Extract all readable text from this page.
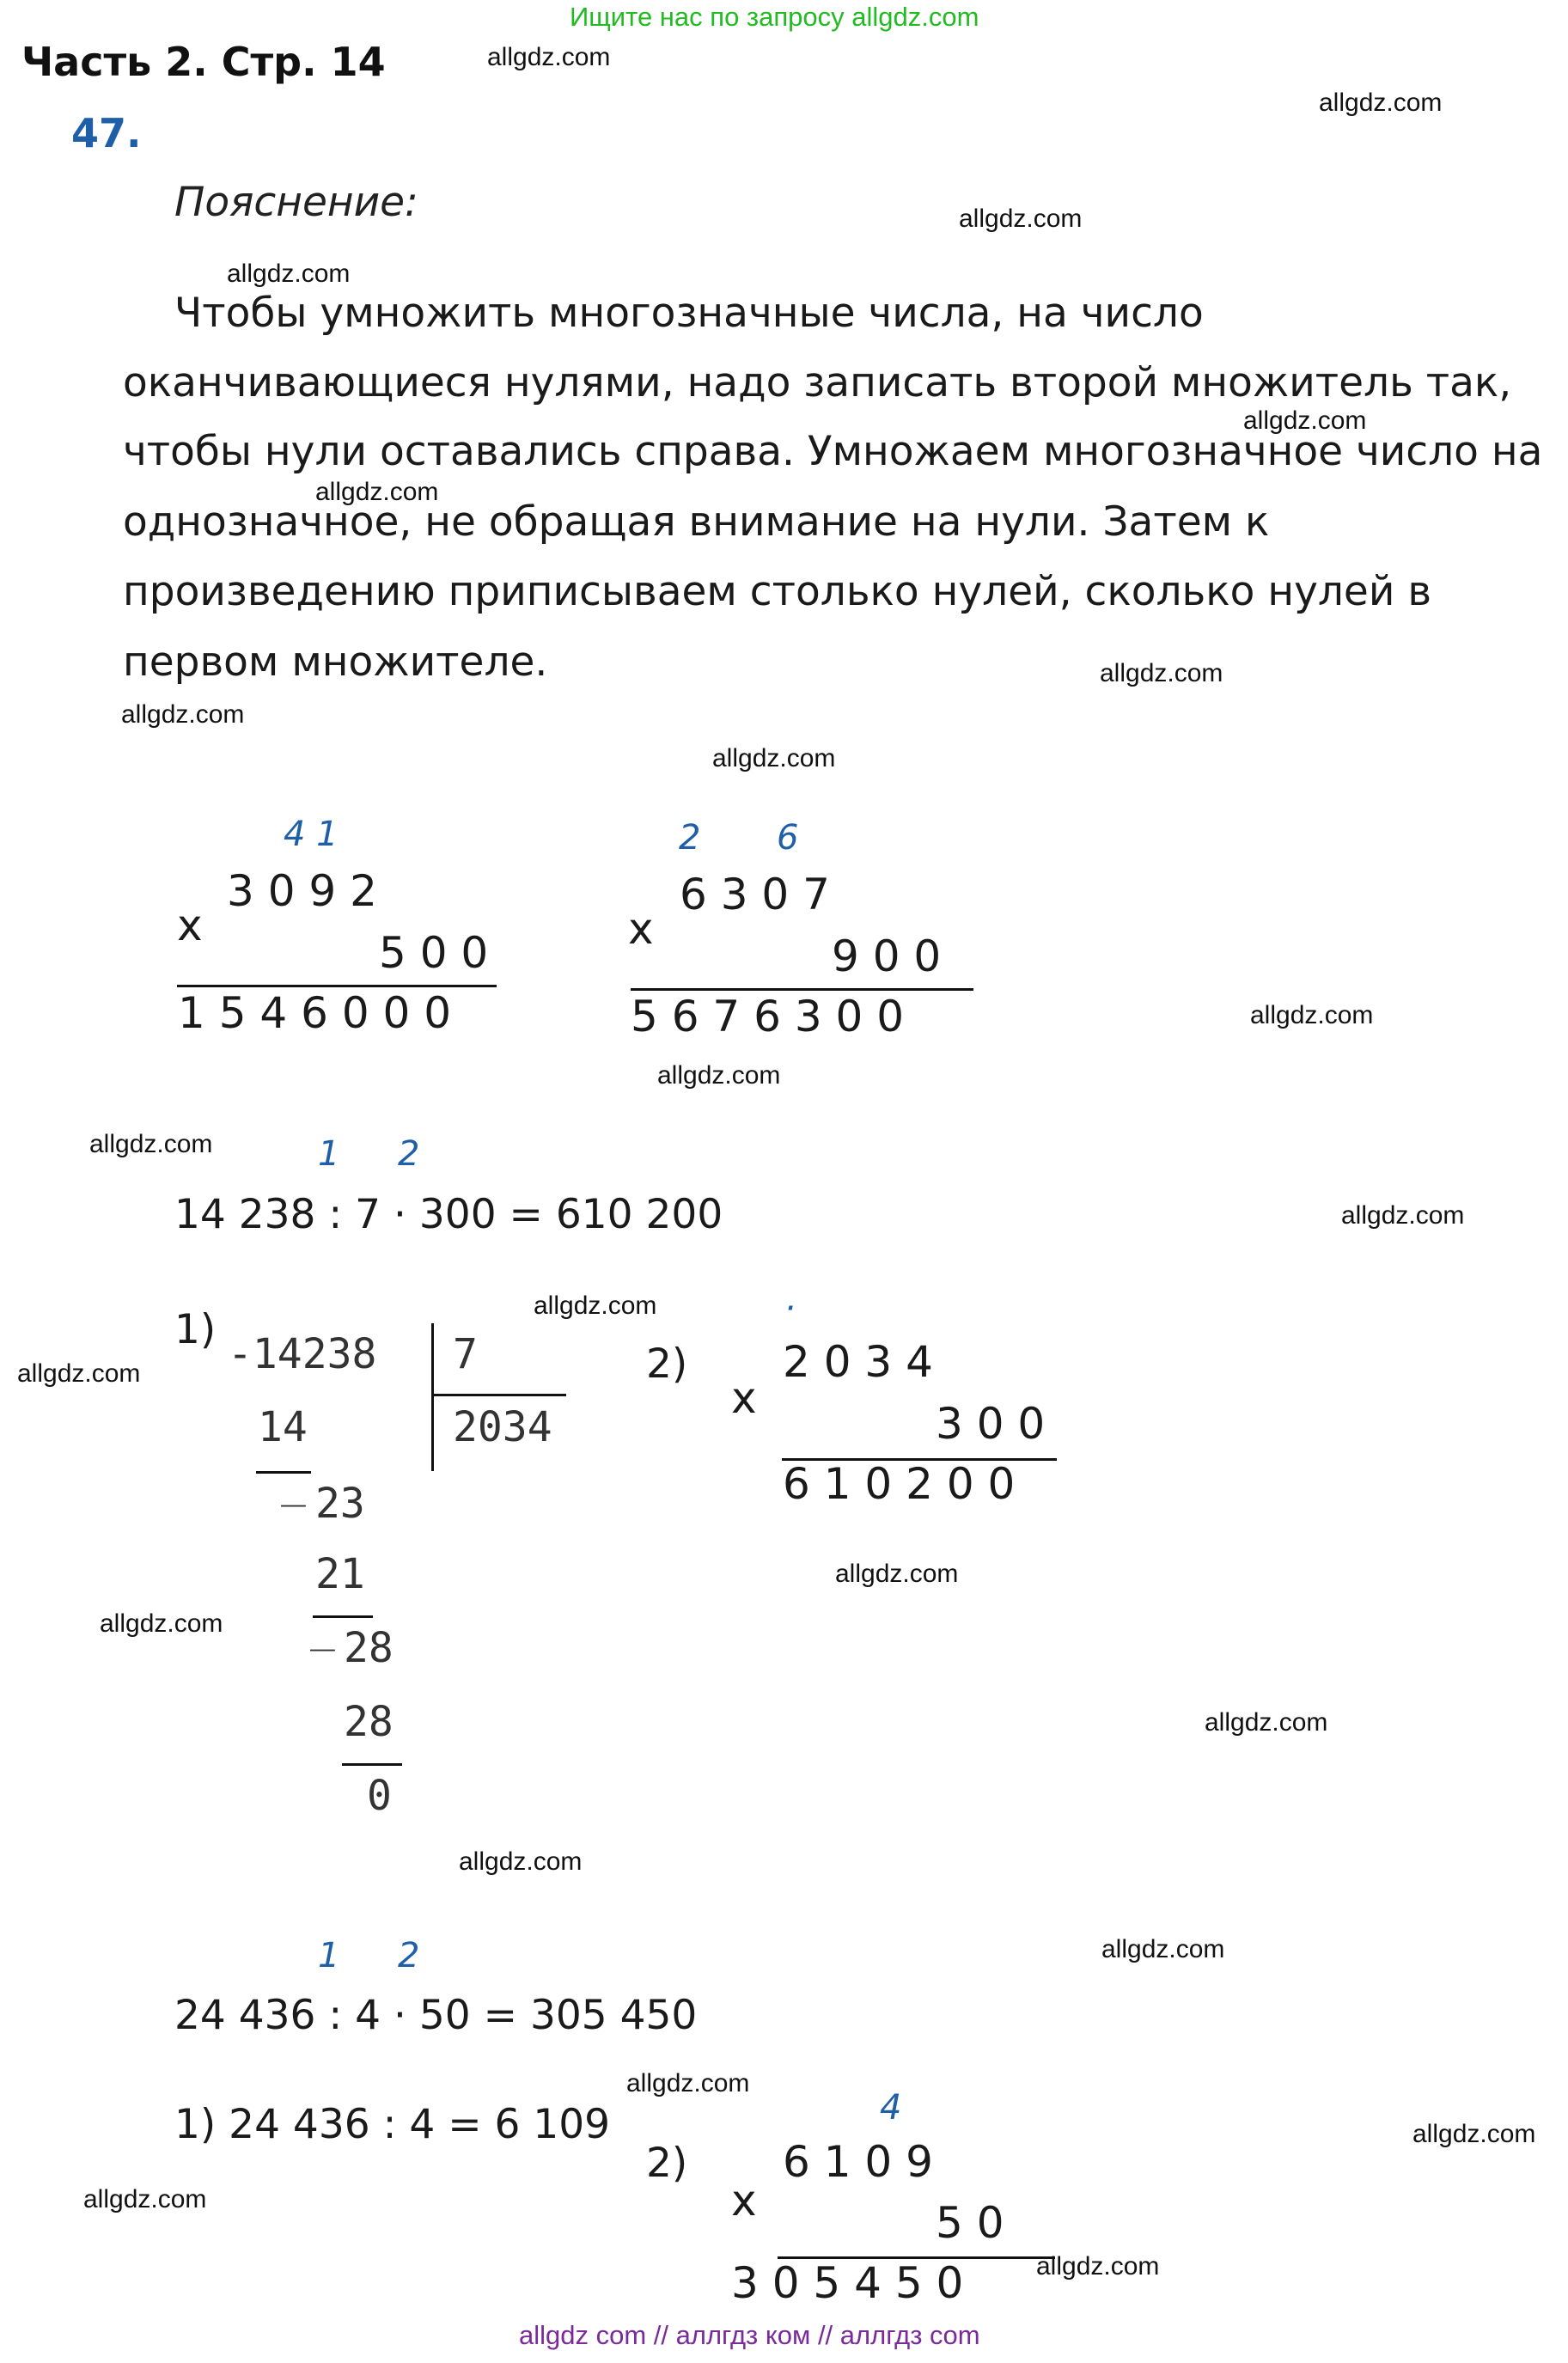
Ищите нас по запросу allgdz.com
Часть 2. Стр. 14
47.
Пояснение:
Чтобы умножить многозначные числа, на число
оканчивающиеся нулями, надо записать второй множитель так,
чтобы нули оставались справа. Умножаем многозначное число на
однозначное, не обращая внимание на нули. Затем к
произведению приписываем столько нулей, сколько нулей в
первом множителе.
4 1
x
3 0 9 2
5 0 0
1 5 4 6 0 0 0
2 6
x
6 3 0 7
9 0 0
5 6 7 6 3 0 0
1 2
14 238 : 7 · 300 = 610 200
1)
-14238 7
2034
14
_ 23
21
_ 28
28
0
2)
·
x
2 0 3 4
3 0 0
6 1 0 2 0 0
1 2
24 436 : 4 · 50 = 305 450
1) 24 436 : 4 = 6 109
2)
4
x
6 1 0 9
5 0
3 0 5 4 5 0
allgdz.com
allgdz.com
allgdz.com
allgdz.com
allgdz.com
allgdz.com
allgdz.com
allgdz.com
allgdz.com
allgdz.com
allgdz.com
allgdz.com
allgdz.com
allgdz.com
allgdz.com
allgdz.com
allgdz.com
allgdz.com
allgdz.com
allgdz.com
allgdz.com
allgdz.com
allgdz.com
allgdz.com
allgdz com // аллгдз ком // аллгдз com
